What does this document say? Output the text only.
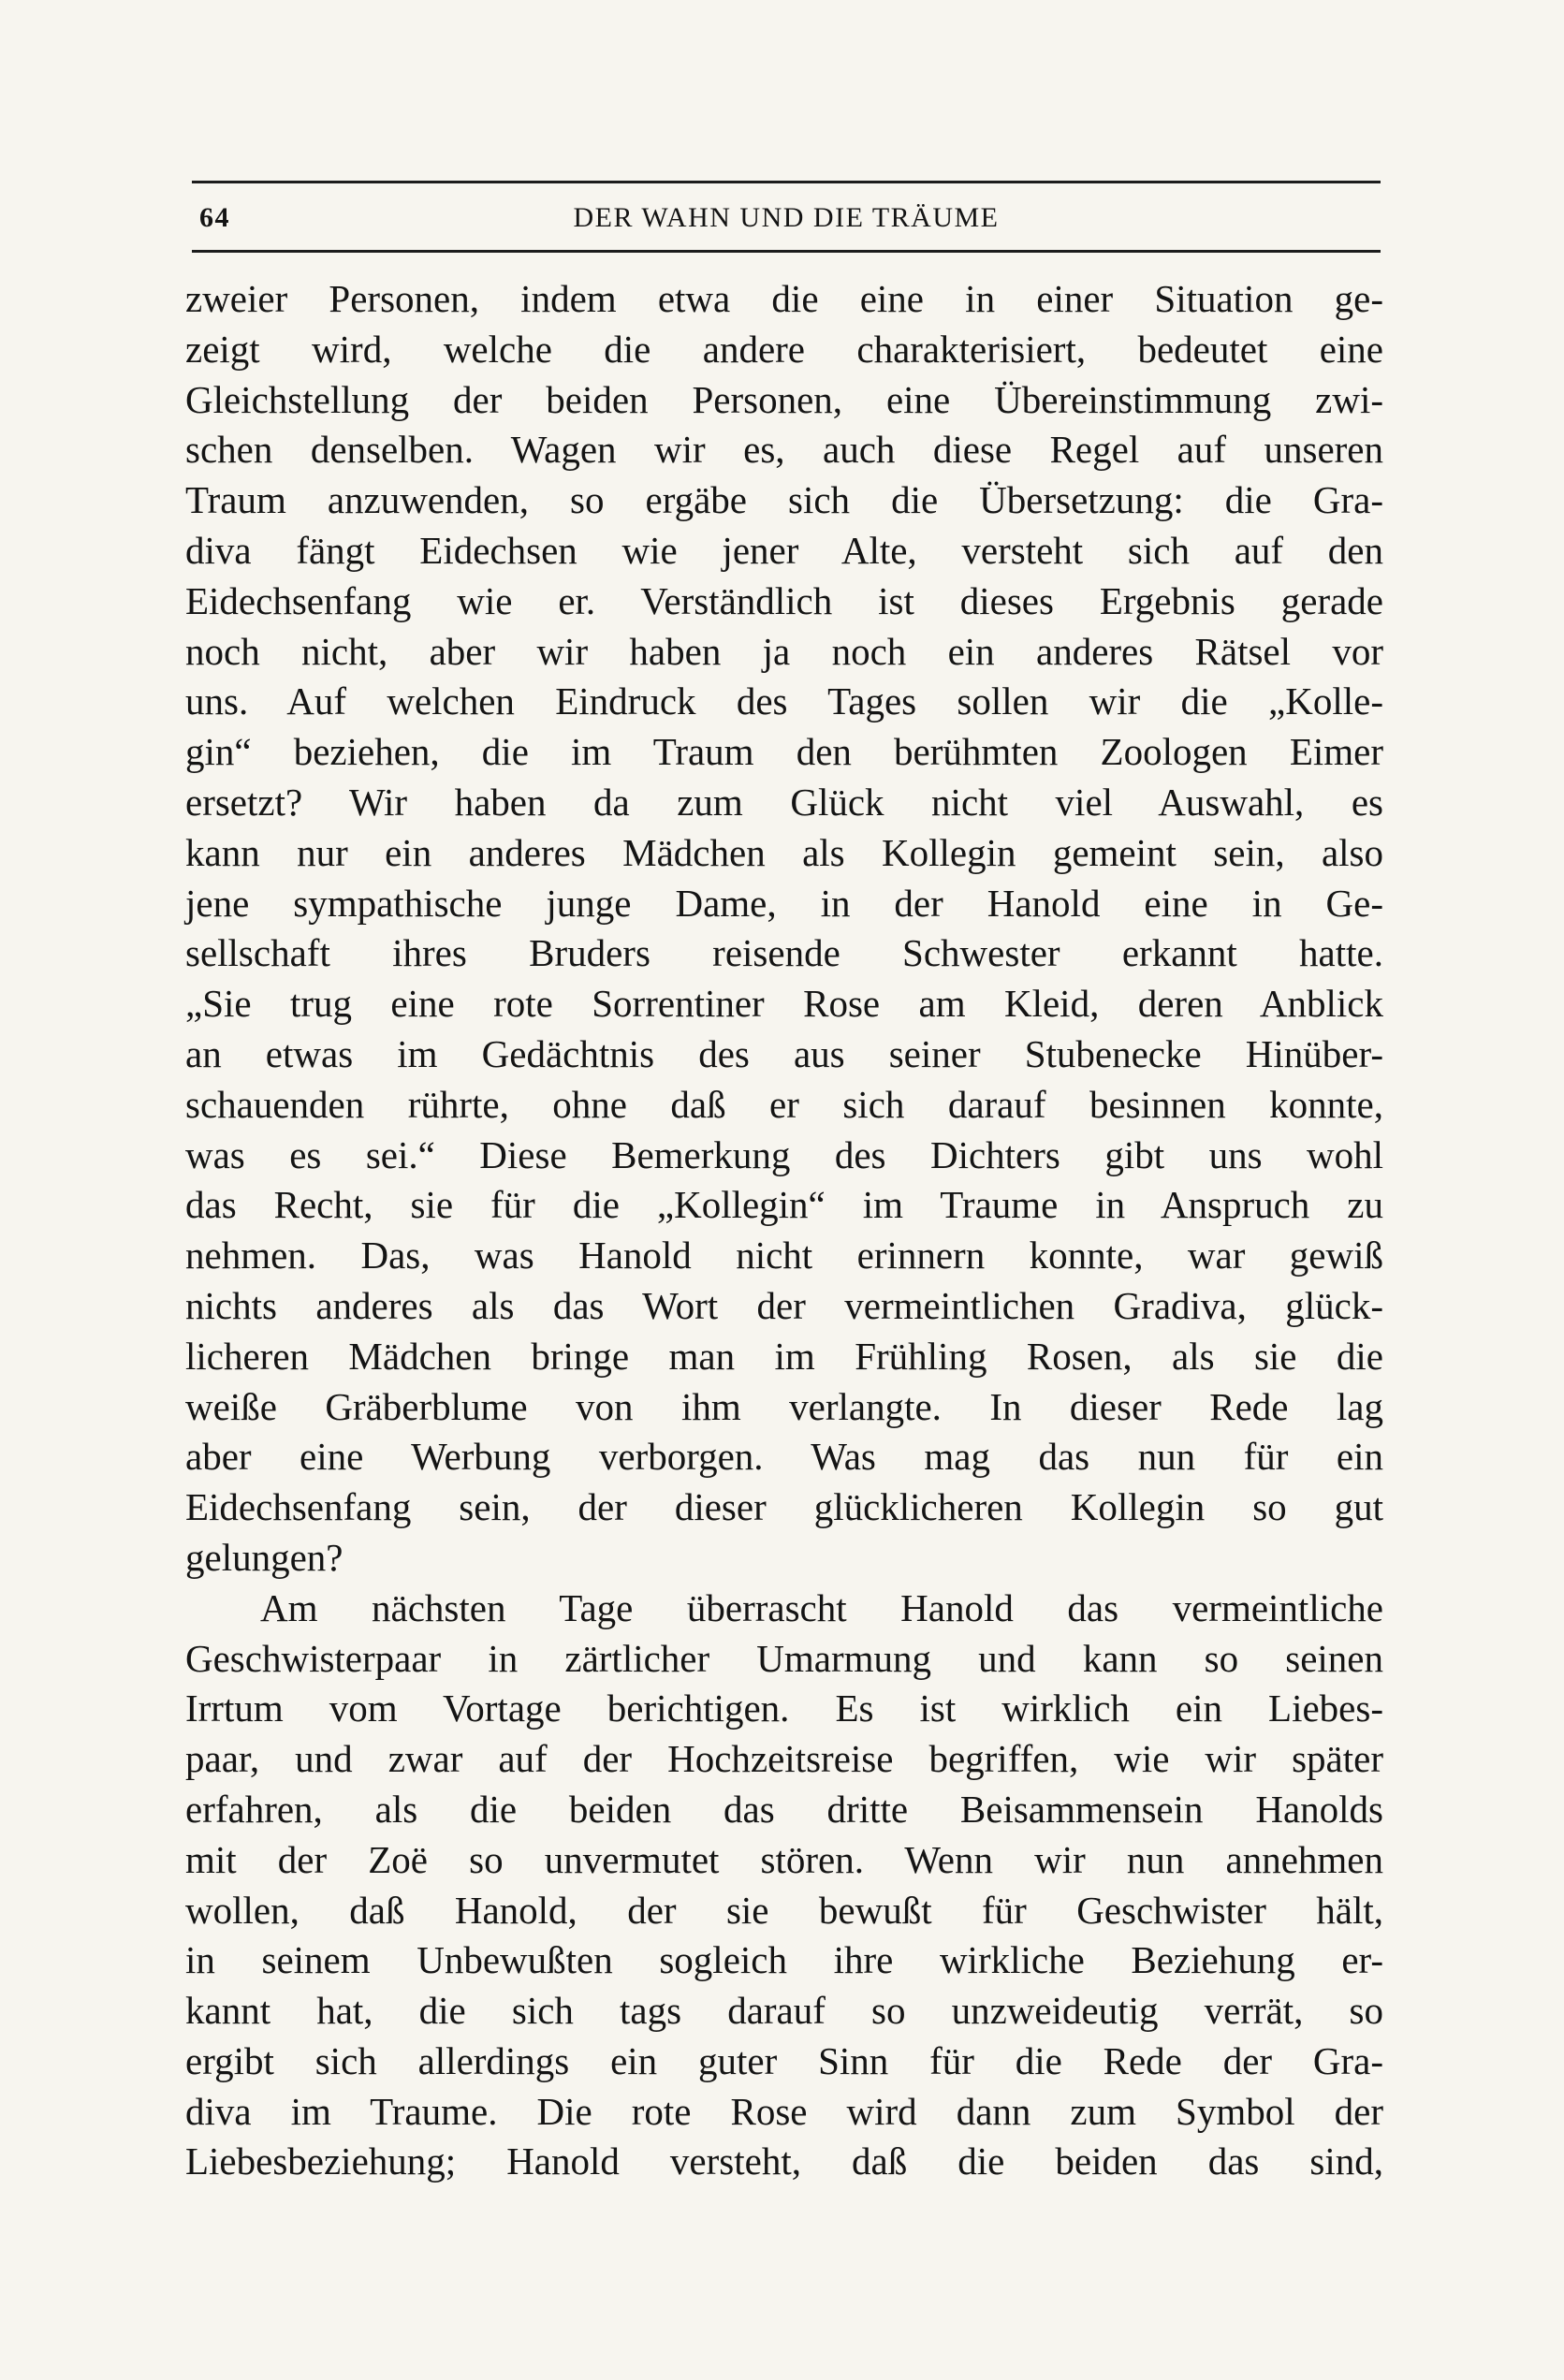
64	DER WAHN UND DIE TRÄUME
zweier Personen, indem etwa die eine in einer Situation ge-
zeigt wird, welche die andere charakterisiert, bedeutet eine
Gleichstellung der beiden Personen, eine Übereinstimmung zwi-
schen denselben. Wagen wir es, auch diese Regel auf unseren
Traum anzuwenden, so ergäbe sich die Übersetzung: die Gra-
diva fängt Eidechsen wie jener Alte, versteht sich auf den
Eidechsenfang wie er. Verständlich ist dieses Ergebnis gerade
noch nicht, aber wir haben ja noch ein anderes Rätsel vor
uns. Auf welchen Eindruck des Tages sollen wir die „Kolle-
gin“ beziehen, die im Traum den berühmten Zoologen Eimer
ersetzt? Wir haben da zum Glück nicht viel Auswahl, es
kann nur ein anderes Mädchen als Kollegin gemeint sein, also
jene sympathische junge Dame, in der Hanold eine in Ge-
sellschaft ihres Bruders reisende Schwester erkannt hatte.
„Sie trug eine rote Sorrentiner Rose am Kleid, deren Anblick
an etwas im Gedächtnis des aus seiner Stubenecke Hinüber-
schauenden rührte, ohne daß er sich darauf besinnen konnte,
was es sei.“ Diese Bemerkung des Dichters gibt uns wohl
das Recht, sie für die „Kollegin“ im Traume in Anspruch zu
nehmen. Das, was Hanold nicht erinnern konnte, war gewiß
nichts anderes als das Wort der vermeintlichen Gradiva, glück-
licheren Mädchen bringe man im Frühling Rosen, als sie die
weiße Gräberblume von ihm verlangte. In dieser Rede lag
aber eine Werbung verborgen. Was mag das nun für ein
Eidechsenfang sein, der dieser glücklicheren Kollegin so gut
gelungen?
Am nächsten Tage überrascht Hanold das vermeintliche
Geschwisterpaar in zärtlicher Umarmung und kann so seinen
Irrtum vom Vortage berichtigen. Es ist wirklich ein Liebes-
paar, und zwar auf der Hochzeitsreise begriffen, wie wir später
erfahren, als die beiden das dritte Beisammensein Hanolds
mit der Zoë so unvermutet stören. Wenn wir nun annehmen
wollen, daß Hanold, der sie bewußt für Geschwister hält,
in seinem Unbewußten sogleich ihre wirkliche Beziehung er-
kannt hat, die sich tags darauf so unzweideutig verrät, so
ergibt sich allerdings ein guter Sinn für die Rede der Gra-
diva im Traume. Die rote Rose wird dann zum Symbol der
Liebesbeziehung; Hanold versteht, daß die beiden das sind,
